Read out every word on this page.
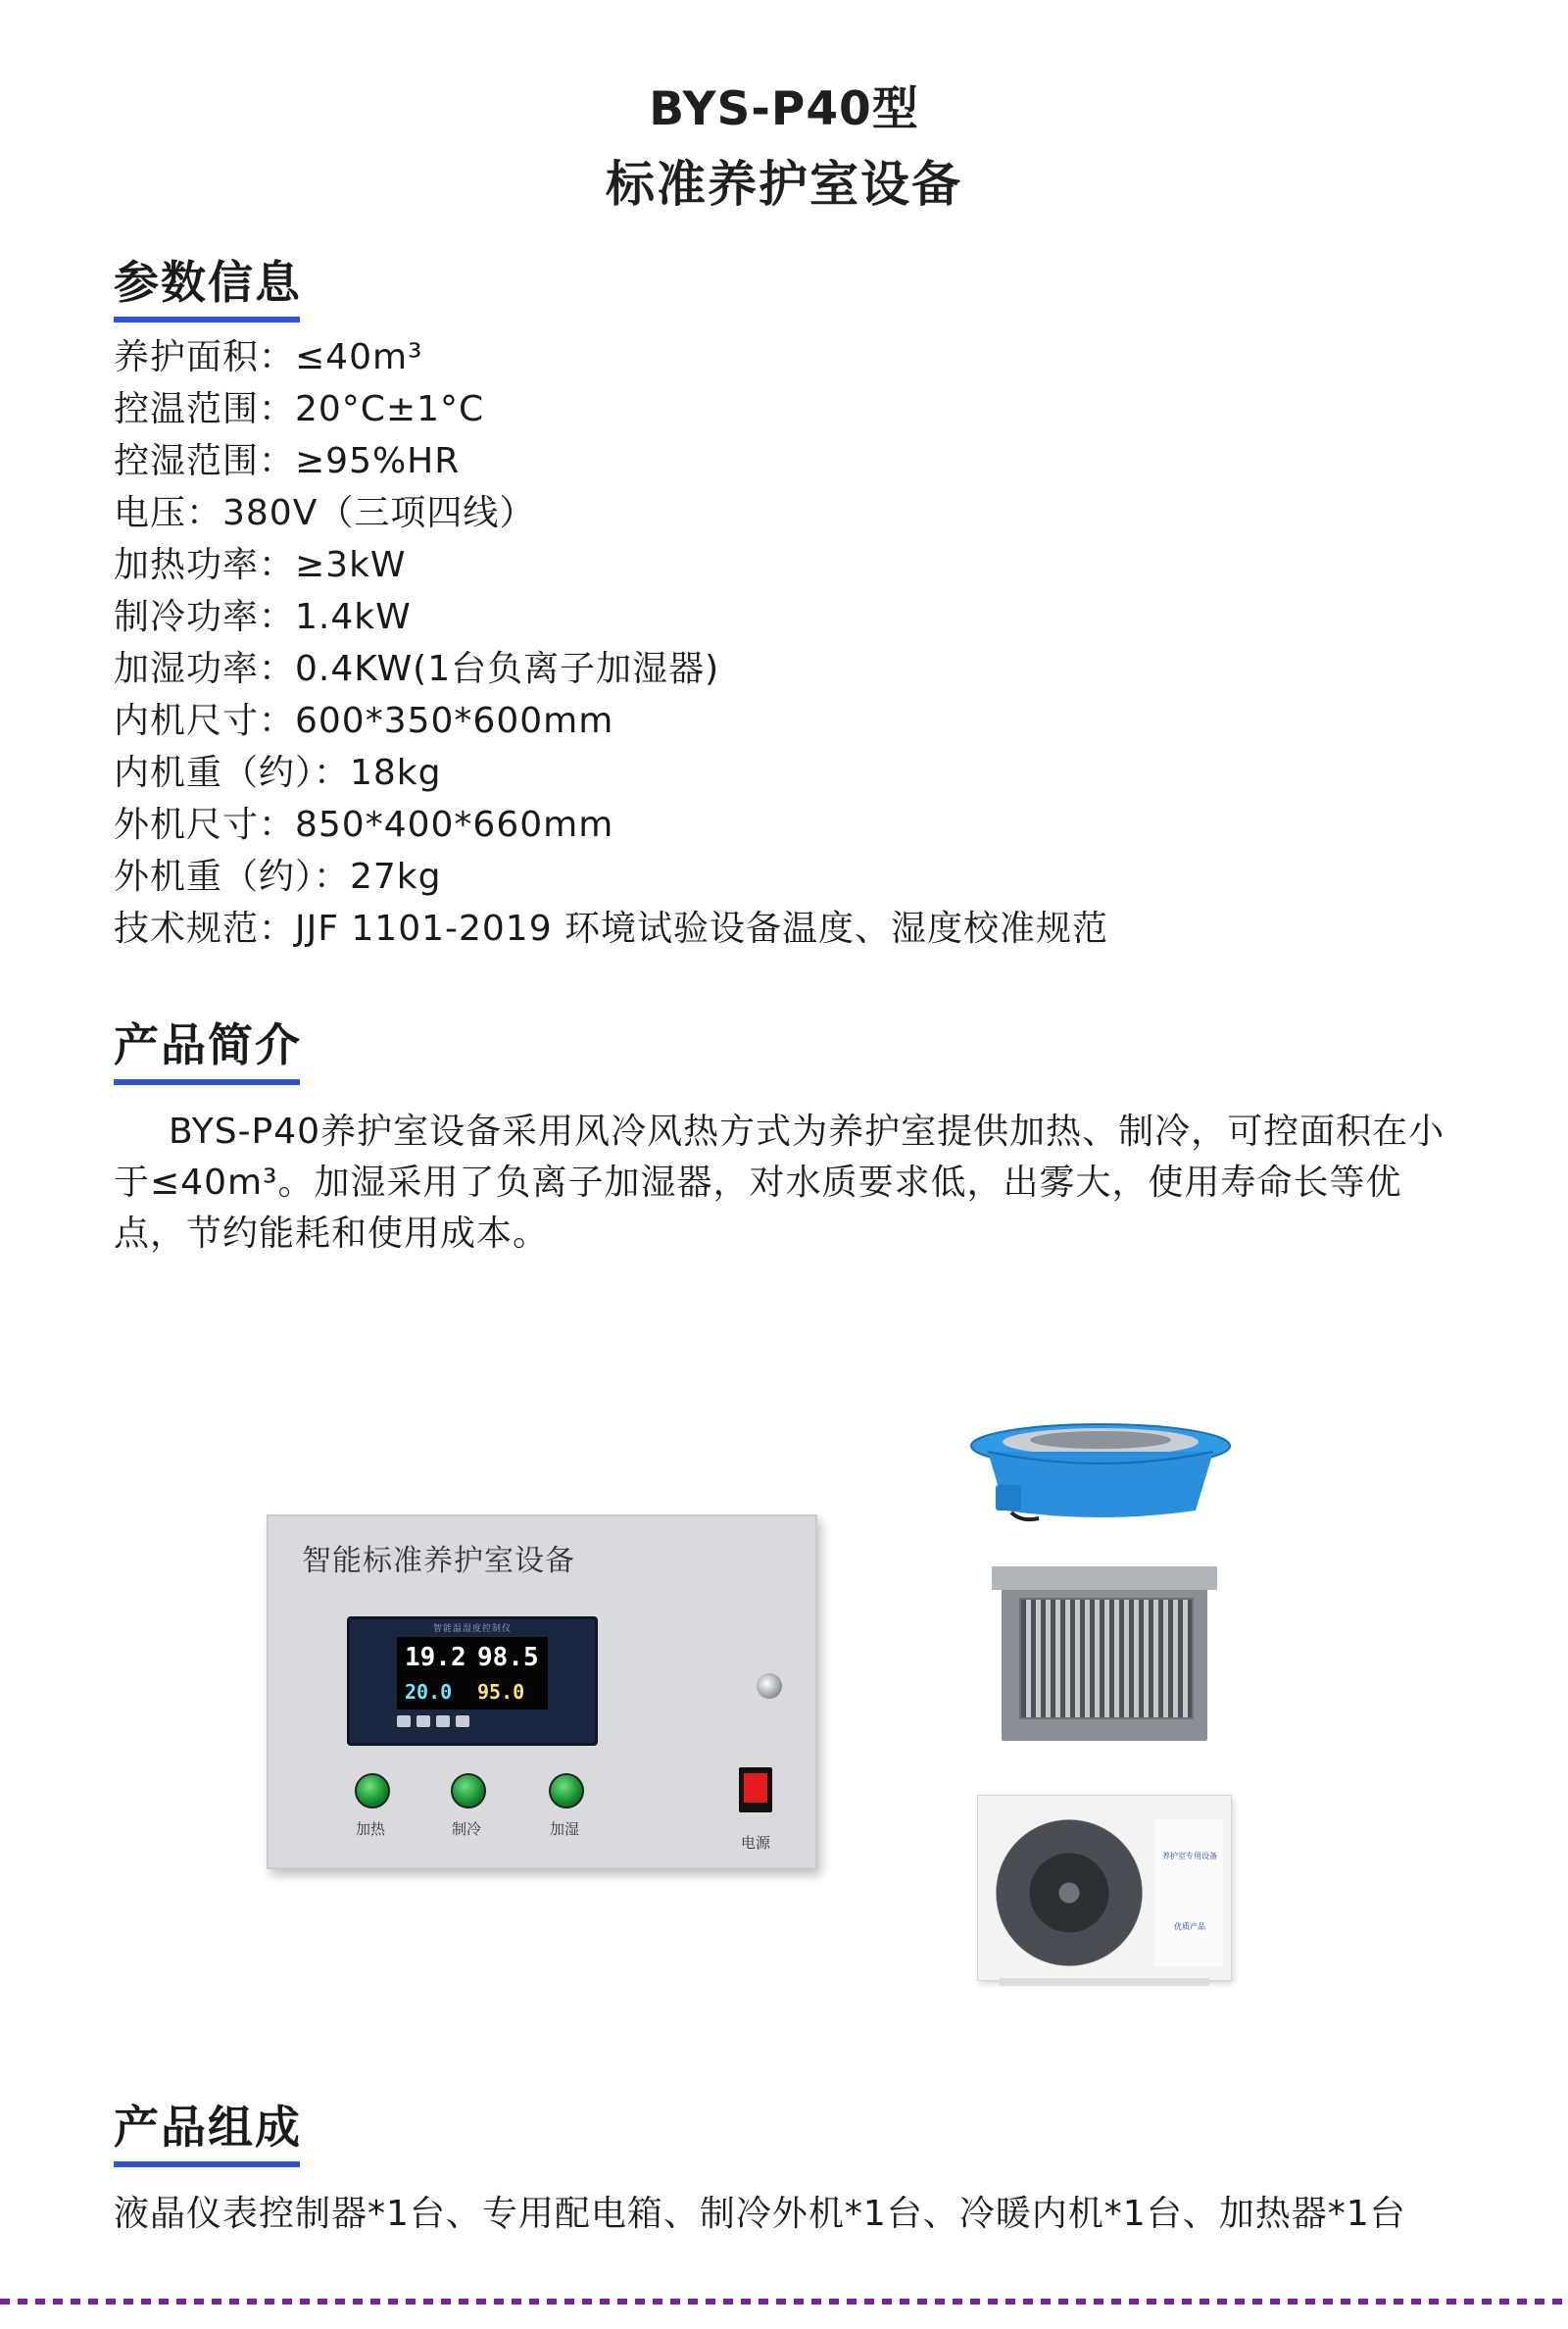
BYS-P40型
标准养护室设备
参数信息
养护面积：≤40m³
控温范围：20°C±1°C
控湿范围：≥95%HR
电压：380V（三项四线）
加热功率：≥3kW
制冷功率：1.4kW
加湿功率：0.4KW(1台负离子加湿器)
内机尺寸：600*350*600mm
内机重（约）：18kg
外机尺寸：850*400*660mm
外机重（约）：27kg
技术规范：JJF 1101-2019 环境试验设备温度、湿度校准规范
产品简介

BYS-P40养护室设备采用风冷风热方式为养护室提供加热、制冷，可控面积在小于≤40m³。加湿采用了负离子加湿器，对水质要求低，出雾大，使用寿命长等优点，节约能耗和使用成本。

智能标准养护室设备
智能温湿度控制仪
19.2 98.5
20.0 95.0
加热	制冷	加湿
电源
养护室专用设备
优质产品
产品组成

液晶仪表控制器*1台、专用配电箱、制冷外机*1台、冷暖内机*1台、加热器*1台
